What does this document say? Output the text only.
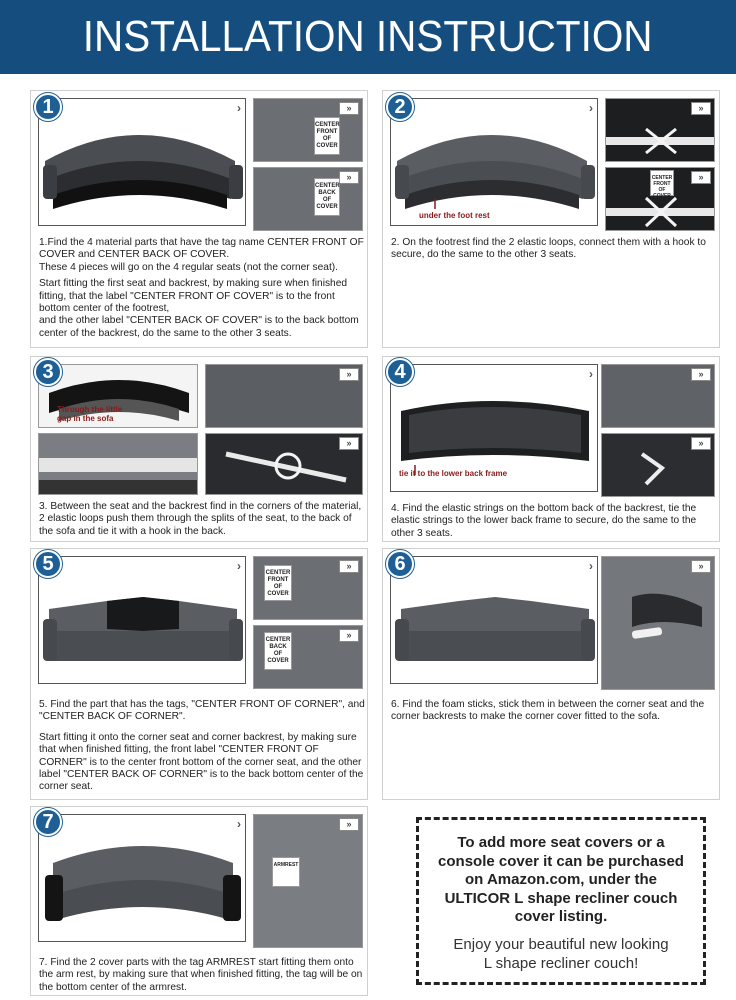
INSTALLATION INSTRUCTION
›	»
CENTER FRONT OF COVER
»
CENTER BACK OF COVER

1.Find the 4 material parts that have the tag name CENTER FRONT OF COVER and CENTER BACK OF COVER.

These 4 pieces will go on the 4 regular seats (not the corner seat).

Start fitting the first seat and backrest, by making sure when finished fitting, that the label "CENTER FRONT OF COVER" is to the front bottom center of the footrest,

and the other label "CENTER BACK OF COVER" is to the back bottom center of the backrest, do the same to the other 3 seats.

1
under the foot rest
›	»
»
CENTER FRONT OF COVER

2. On the footrest find the 2 elastic loops, connect them with a hook to secure, do the same to the other 3 seats.

2
Through the little gap in the sofa
»
»

3. Between the seat and the backrest find in the corners of the material, 2 elastic loops push them through the splits of the seat, to the back of the sofa and tie it with a hook in the back.

3
tie it to the lower back frame
›	»
»

4. Find the elastic strings on the bottom back of the backrest, tie the elastic strings to the lower back frame to secure, do the same to the other 3 seats.

4
›	»
CENTER FRONT OF COVER
»
CENTER BACK OF COVER

5. Find the part that has the tags, "CENTER FRONT OF CORNER", and "CENTER BACK OF CORNER".

Start fitting it onto the corner seat and corner backrest, by making sure that when finished fitting, the front label "CENTER FRONT OF CORNER" is to the center front bottom of the corner seat, and the other label "CENTER BACK OF CORNER" is to the back bottom center of the corner seat.

5	›	»

6. Find the foam sticks, stick them in between the corner seat and the corner backrests to make the corner cover fitted to the sofa.

6
›	»
ARMREST

7. Find the 2 cover parts with the tag ARMREST start fitting them onto the arm rest, by making sure that when finished fitting, the tag will be on the bottom center of the armrest.

7
To add more seat covers or a console cover it can be purchased on Amazon.com, under the ULTICOR L shape recliner couch cover listing.
Enjoy your beautiful new looking L shape recliner couch!
